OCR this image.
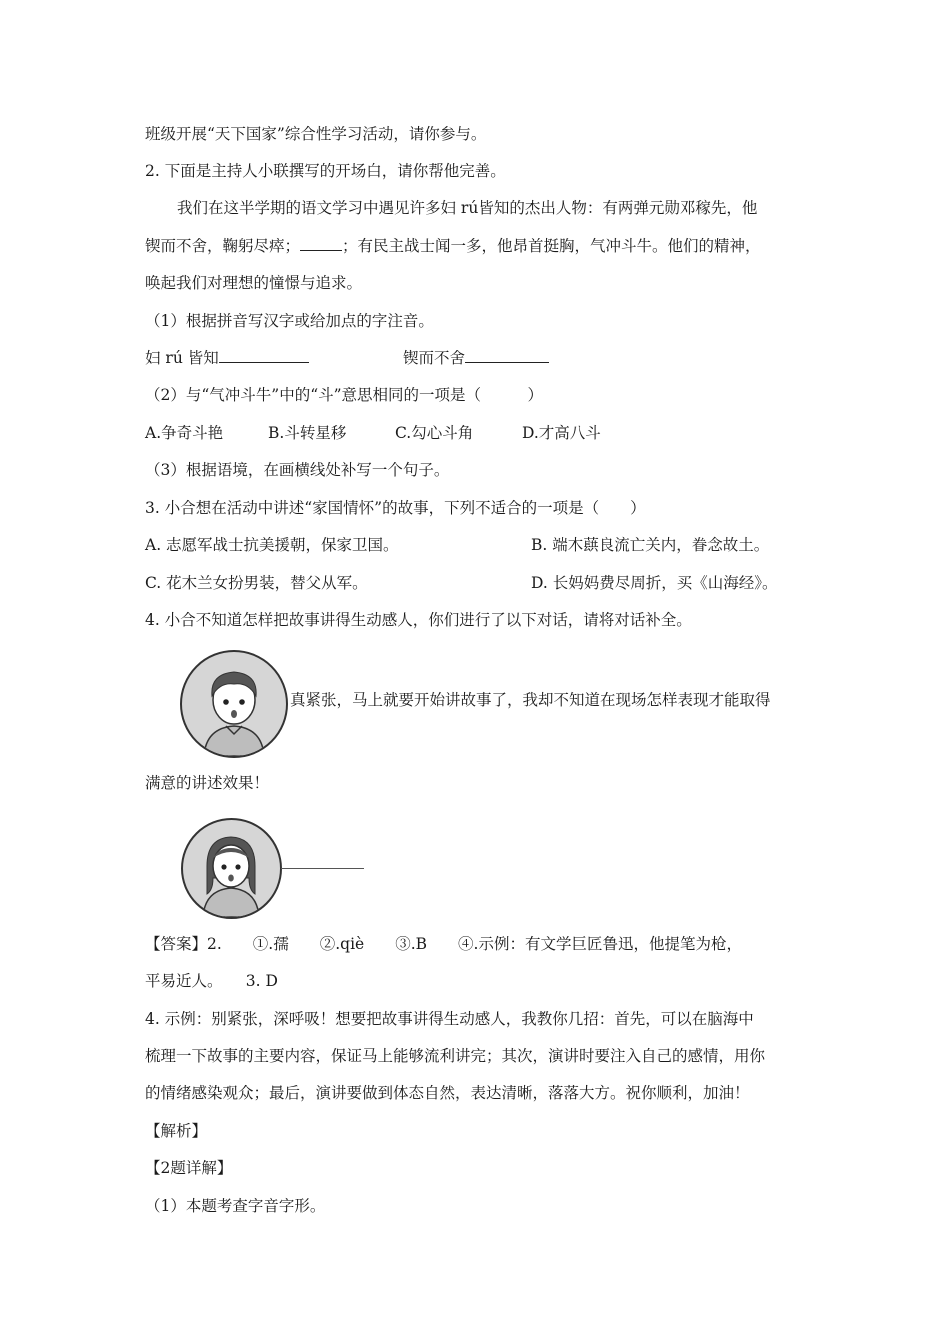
班级开展“天下国家”综合性学习活动，请你参与。
2. 下面是主持人小联撰写的开场白，请你帮他完善。
我们在这半学期的语文学习中遇见许多妇 rú皆知的杰出人物：有两弹元勋邓稼先，他
锲而不舍，鞠躬尽瘁；	；有民主战士闻一多，他昂首挺胸，气冲斗牛。他们的精神，
唤起我们对理想的憧憬与追求。
（1）根据拼音写汉字或给加点的字注音。
妇 rú 皆知	锲而不舍
（2）与“气冲斗牛”中的“斗”意思相同的一项是（　　　）
A.争奇斗艳	B.斗转星移	C.勾心斗角	D.才高八斗
（3）根据语境，在画横线处补写一个句子。
3. 小合想在活动中讲述“家国情怀”的故事，下列不适合的一项是（　　）
A. 志愿军战士抗美援朝，保家卫国。	B. 端木蕻良流亡关内，眷念故土。
C. 花木兰女扮男装，替父从军。	D. 长妈妈费尽周折，买《山海经》。
4. 小合不知道怎样把故事讲得生动感人，你们进行了以下对话，请将对话补全。
真紧张，马上就要开始讲故事了，我却不知道在现场怎样表现才能取得
满意的讲述效果！
【答案】2.　　①.孺　　②.qiè　　③.B　　④.示例：有文学巨匠鲁迅，他提笔为枪，
平易近人。　　3. D
4. 示例：别紧张，深呼吸！想要把故事讲得生动感人，我教你几招：首先，可以在脑海中
梳理一下故事的主要内容，保证马上能够流利讲完；其次，演讲时要注入自己的感情，用你
的情绪感染观众；最后，演讲要做到体态自然，表达清晰，落落大方。祝你顺利，加油！
【解析】
【2题详解】
（1）本题考查字音字形。
